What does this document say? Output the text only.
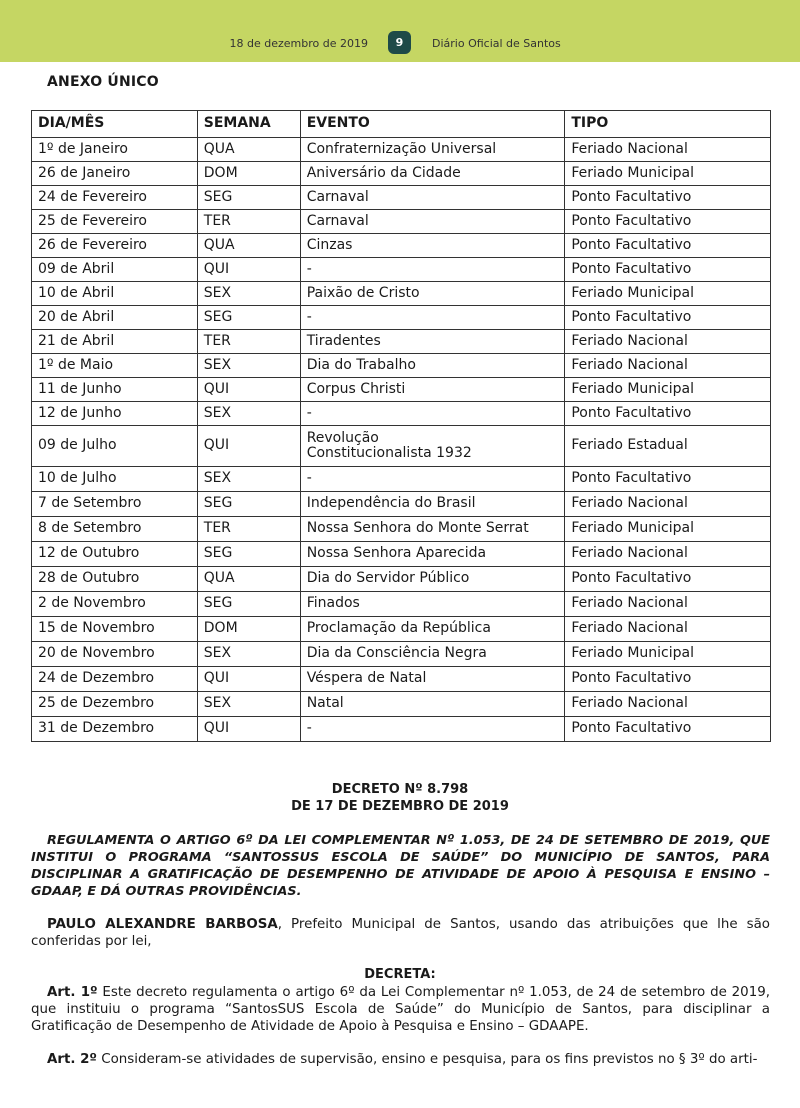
18 de dezembro de 2019	9	Diário Oficial de Santos
ANEXO ÚNICO
DIA/MÊS	SEMANA	EVENTO	TIPO
1º de Janeiro	QUA	Confraternização Universal	Feriado Nacional
26 de Janeiro	DOM	Aniversário da Cidade	Feriado Municipal
24 de Fevereiro	SEG	Carnaval	Ponto Facultativo
25 de Fevereiro	TER	Carnaval	Ponto Facultativo
26 de Fevereiro	QUA	Cinzas	Ponto Facultativo
09 de Abril	QUI	-	Ponto Facultativo
10 de Abril	SEX	Paixão de Cristo	Feriado Municipal
20 de Abril	SEG	-	Ponto Facultativo
21 de Abril	TER	Tiradentes	Feriado Nacional
1º de Maio	SEX	Dia do Trabalho	Feriado Nacional
11 de Junho	QUI	Corpus Christi	Feriado Municipal
12 de Junho	SEX	-	Ponto Facultativo
09 de Julho	QUI	Revolução
Constitucionalista 1932	Feriado Estadual
10 de Julho	SEX	-	Ponto Facultativo
7 de Setembro	SEG	Independência do Brasil	Feriado Nacional
8 de Setembro	TER	Nossa Senhora do Monte Serrat	Feriado Municipal
12 de Outubro	SEG	Nossa Senhora Aparecida	Feriado Nacional
28 de Outubro	QUA	Dia do Servidor Público	Ponto Facultativo
2 de Novembro	SEG	Finados	Feriado Nacional
15 de Novembro	DOM	Proclamação da República	Feriado Nacional
20 de Novembro	SEX	Dia da Consciência Negra	Feriado Municipal
24 de Dezembro	QUI	Véspera de Natal	Ponto Facultativo
25 de Dezembro	SEX	Natal	Feriado Nacional
31 de Dezembro	QUI	-	Ponto Facultativo
DECRETO Nº 8.798
DE 17 DE DEZEMBRO DE 2019
REGULAMENTA O ARTIGO 6º DA LEI COMPLEMENTAR Nº 1.053, DE 24 DE SETEMBRO DE 2019, QUE INSTITUI O PROGRAMA “SANTOSSUS ESCOLA DE SAÚDE” DO MUNICÍPIO DE SANTOS, PARA DISCIPLINAR A GRATIFICAÇÃO DE DESEMPENHO DE ATIVIDADE DE APOIO À PESQUISA E ENSINO – GDAAP, E DÁ OUTRAS PROVIDÊNCIAS.
PAULO ALEXANDRE BARBOSA, Prefeito Municipal de Santos, usando das atribuições que lhe são conferidas por lei,
DECRETA:
Art. 1º Este decreto regulamenta o artigo 6º da Lei Complementar nº 1.053, de 24 de setembro de 2019, que instituiu o programa “SantosSUS Escola de Saúde” do Município de Santos, para disciplinar a Gratificação de Desempenho de Atividade de Apoio à Pesquisa e Ensino – GDAAPE.
Art. 2º Consideram-se atividades de supervisão, ensino e pesquisa, para os fins previstos no § 3º do arti-
